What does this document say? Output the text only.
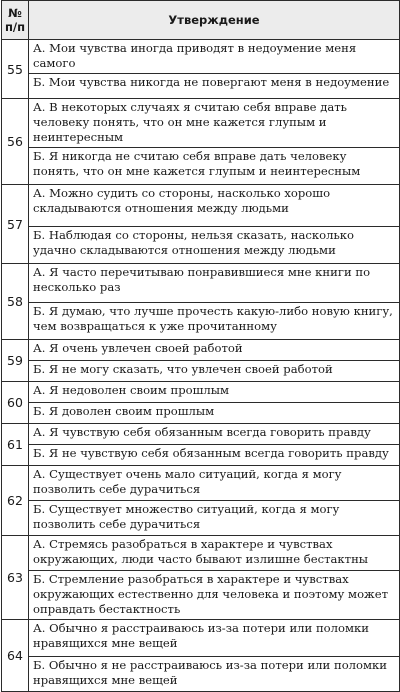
№
п/п	Утверждение
55	А. Мои чувства иногда приводят в недоумение меня самого
	Б. Мои чувства никогда не повергают меня в недоумение
56	А. В некоторых случаях я считаю себя вправе дать человеку понять, что он мне кажется глупым и неинтересным
	Б. Я никогда не считаю себя вправе дать человеку понять, что он мне кажется глупым и неинтересным
57	А. Можно судить со стороны, насколько хорошо складываются отношения между людьми
	Б. Наблюдая со стороны, нельзя сказать, насколько удачно складываются отношения между людьми
58	А. Я часто перечитываю понравившиеся мне книги по несколько раз
	Б. Я думаю, что лучше прочесть какую-либо новую книгу, чем возвращаться к уже прочитанному
59	А. Я очень увлечен своей работой
	Б. Я не могу сказать, что увлечен своей работой
60	А. Я недоволен своим прошлым
	Б. Я доволен своим прошлым
61	А. Я чувствую себя обязанным всегда говорить правду
	Б. Я не чувствую себя обязанным всегда говорить правду
62	А. Существует очень мало ситуаций, когда я могу позволить себе дурачиться
	Б. Существует множество ситуаций, когда я могу позволить себе дурачиться
63	А. Стремясь разобраться в характере и чувствах окружающих, люди часто бывают излишне бестактны
	Б. Стремление разобраться в характере и чувствах окружающих естественно для человека и поэтому может оправдать бестактность
64	А. Обычно я расстраиваюсь из-за потери или поломки нравящихся мне вещей
	Б. Обычно я не расстраиваюсь из-за потери или поломки нравящихся мне вещей
